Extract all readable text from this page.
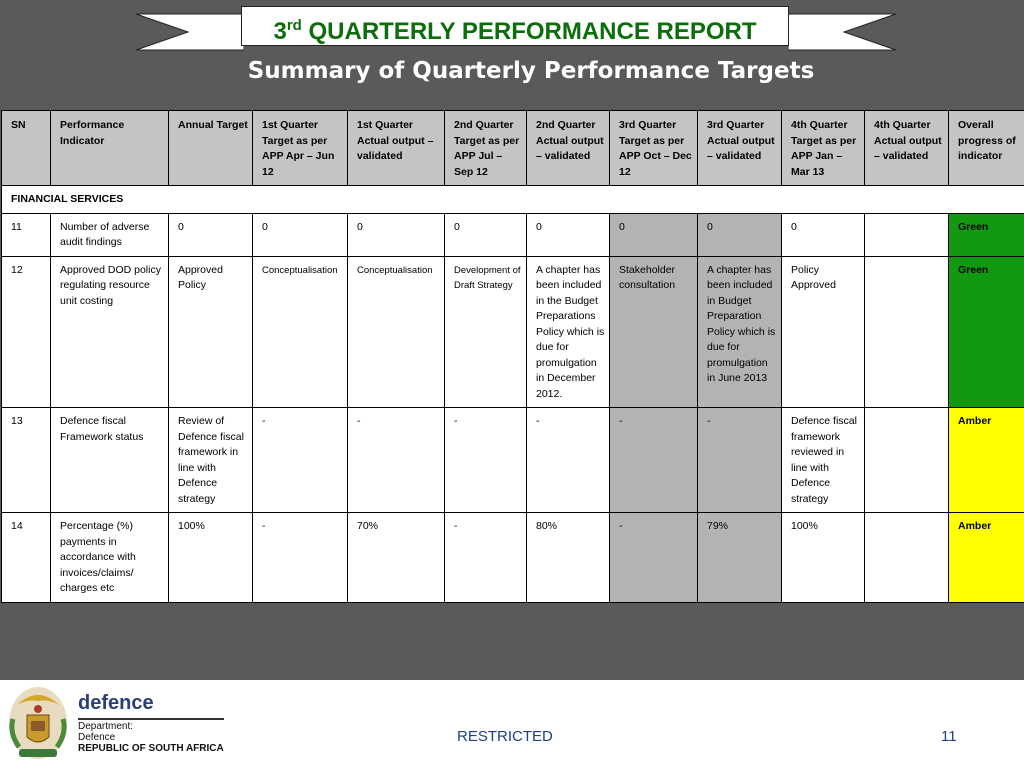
3rd QUARTERLY PERFORMANCE REPORT
Summary of Quarterly Performance Targets
SN	Performance Indicator	Annual Target	1st Quarter Target as per APP Apr – Jun 12	1st Quarter Actual output – validated	2nd Quarter Target as per APP Jul – Sep 12	2nd Quarter Actual output – validated	3rd Quarter Target as per APP Oct – Dec 12	3rd Quarter Actual output – validated	4th Quarter Target as per APP Jan – Mar 13	4th Quarter Actual output – validated	Overall progress of indicator
FINANCIAL SERVICES											
11	Number of adverse audit findings	0	0	0	0	0	0	0	0		Green
12	Approved DOD policy regulating resource unit costing	Approved Policy	Conceptualisation	Conceptualisation	Development of Draft Strategy	A chapter has been included in the Budget Preparations Policy which is due for promulgation in December 2012.	Stakeholder consultation	A chapter has been included in Budget Preparation Policy which is due for promulgation in June 2013	Policy Approved		Green
13	Defence fiscal Framework status	Review of Defence fiscal framework in line with Defence strategy	-	-	-	-	-	-	Defence fiscal framework reviewed in line with Defence strategy		Amber
14	Percentage (%) payments in accordance with invoices/claims/ charges etc	100%	-	70%	-	80%	-	79%	100%		Amber
defence
Department:
Defence
REPUBLIC OF SOUTH AFRICA
RESTRICTED	11
